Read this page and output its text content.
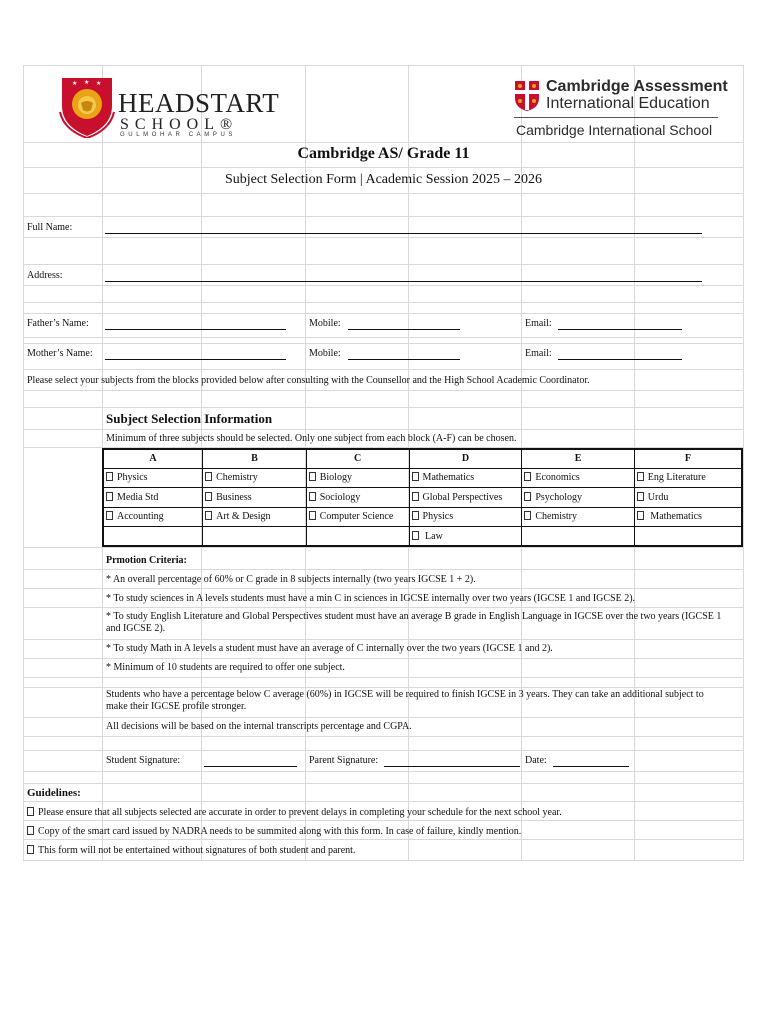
★ ★ ★
HEADSTART
SCHOOL®
GULMOHAR CAMPUS
Cambridge Assessment
International Education
Cambridge International School
Cambridge AS/ Grade 11
Subject Selection Form | Academic Session 2025 – 2026
Full Name:
Address:
Father’s Name:	Mobile:	Email:
Mother’s Name:	Mobile:	Email:
Please select your subjects from the blocks provided below after consulting with the Counsellor and the High School Academic Coordinator.
Subject Selection Information
Minimum of three subjects should be selected. Only one subject from each block (A-F) can be chosen.
A	B	C	D	E	F
Physics	Chemistry	Biology	Mathematics	Economics	Eng Literature
Media Std	Business	Sociology	Global Perspectives	Psychology	Urdu
Accounting	Art & Design	Computer Science	Physics	Chemistry	Mathematics
			Law		
Prmotion Criteria:
* An overall percentage of 60% or C grade in 8 subjects internally (two years IGCSE 1 + 2).
* To study sciences in A levels students must have a min C in sciences in IGCSE internally over two years (IGCSE 1 and IGCSE 2).
* To study English Literature and Global Perspectives student must have an average B grade in English Language in IGCSE over the two years (IGCSE 1 and IGCSE 2).
* To study Math in A levels a student must have an average of C internally over the two years (IGCSE 1 and 2).
* Minimum of 10 students are required to offer one subject.
Students who have a percentage below C average (60%) in IGCSE will be required to finish IGCSE in 3 years. They can take an additional subject to make their IGCSE profile stronger.
All decisions will be based on the internal transcripts percentage and CGPA.
Student Signature:	Parent Signature:	Date:
Guidelines:
Please ensure that all subjects selected are accurate in order to prevent delays in completing your schedule for the next school year.
Copy of the smart card issued by NADRA needs to be summited along with this form. In case of failure, kindly mention.
This form will not be entertained without signatures of both student and parent.
